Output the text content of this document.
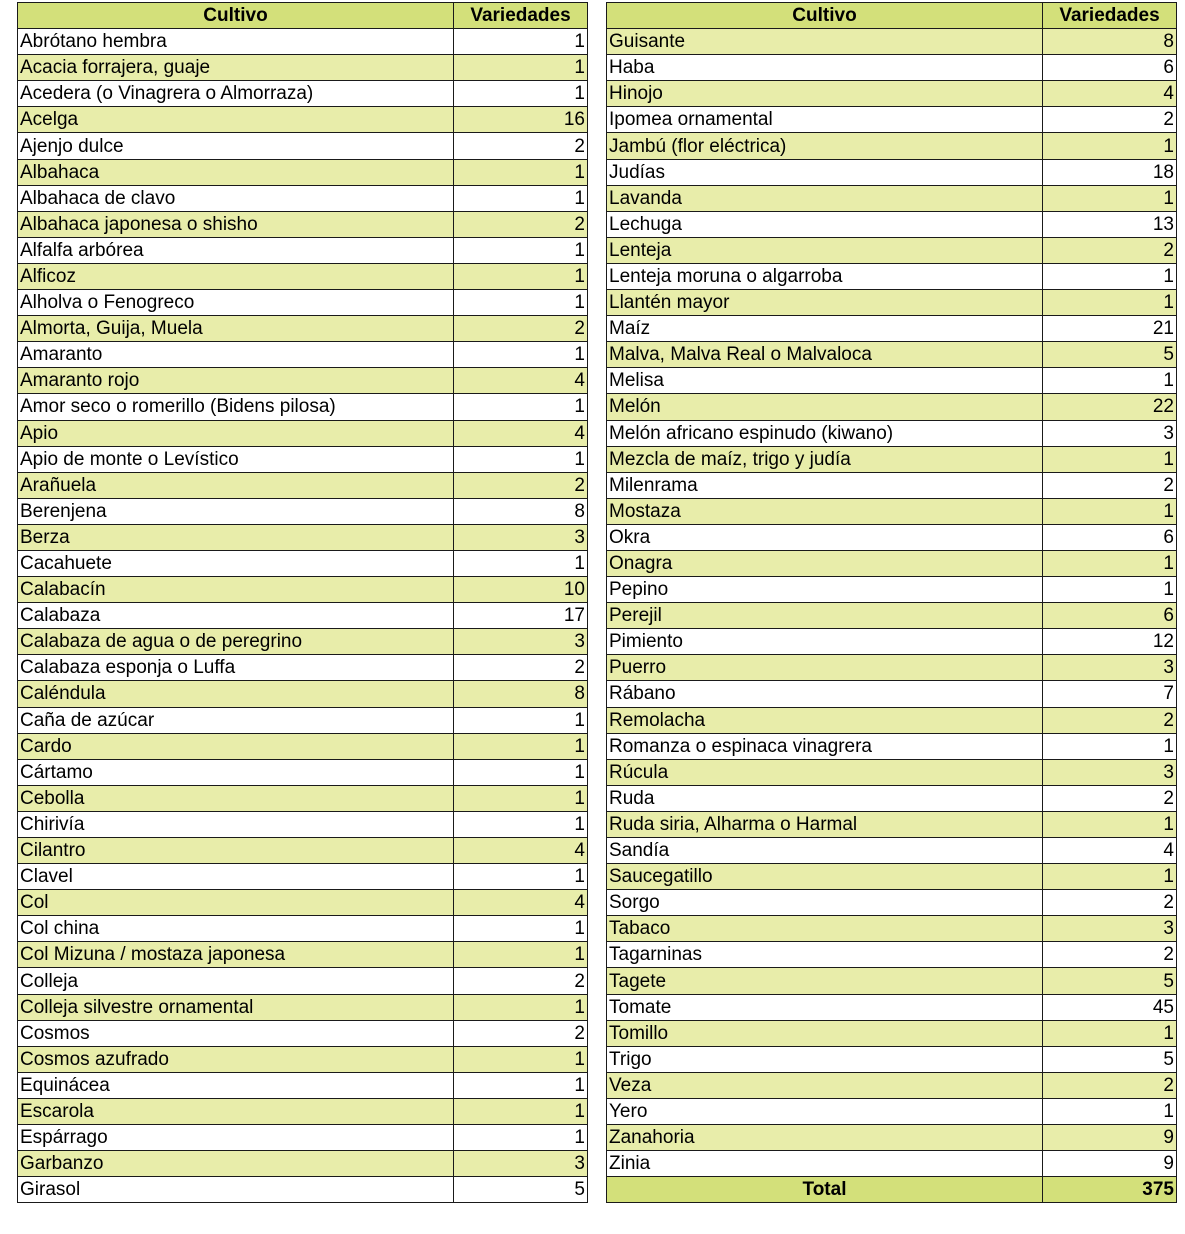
Cultivo	Variedades
Abrótano hembra	1
Acacia forrajera, guaje	1
Acedera (o Vinagrera o Almorraza)	1
Acelga	16
Ajenjo dulce	2
Albahaca	1
Albahaca de clavo	1
Albahaca japonesa o shisho	2
Alfalfa arbórea	1
Alficoz	1
Alholva o Fenogreco	1
Almorta, Guija, Muela	2
Amaranto	1
Amaranto rojo	4
Amor seco o romerillo (Bidens pilosa)	1
Apio	4
Apio de monte o Levístico	1
Arañuela	2
Berenjena	8
Berza	3
Cacahuete	1
Calabacín	10
Calabaza	17
Calabaza de agua o de peregrino	3
Calabaza esponja o Luffa	2
Caléndula	8
Caña de azúcar	1
Cardo	1
Cártamo	1
Cebolla	1
Chirivía	1
Cilantro	4
Clavel	1
Col	4
Col china	1
Col Mizuna / mostaza japonesa	1
Colleja	2
Colleja silvestre ornamental	1
Cosmos	2
Cosmos azufrado	1
Equinácea	1
Escarola	1
Espárrago	1
Garbanzo	3
Girasol	5
Cultivo	Variedades
Guisante	8
Haba	6
Hinojo	4
Ipomea ornamental	2
Jambú (flor eléctrica)	1
Judías	18
Lavanda	1
Lechuga	13
Lenteja	2
Lenteja moruna o algarroba	1
Llantén mayor	1
Maíz	21
Malva, Malva Real o Malvaloca	5
Melisa	1
Melón	22
Melón africano espinudo (kiwano)	3
Mezcla de maíz, trigo y judía	1
Milenrama	2
Mostaza	1
Okra	6
Onagra	1
Pepino	1
Perejil	6
Pimiento	12
Puerro	3
Rábano	7
Remolacha	2
Romanza o espinaca vinagrera	1
Rúcula	3
Ruda	2
Ruda siria, Alharma o Harmal	1
Sandía	4
Saucegatillo	1
Sorgo	2
Tabaco	3
Tagarninas	2
Tagete	5
Tomate	45
Tomillo	1
Trigo	5
Veza	2
Yero	1
Zanahoria	9
Zinia	9
Total	375
